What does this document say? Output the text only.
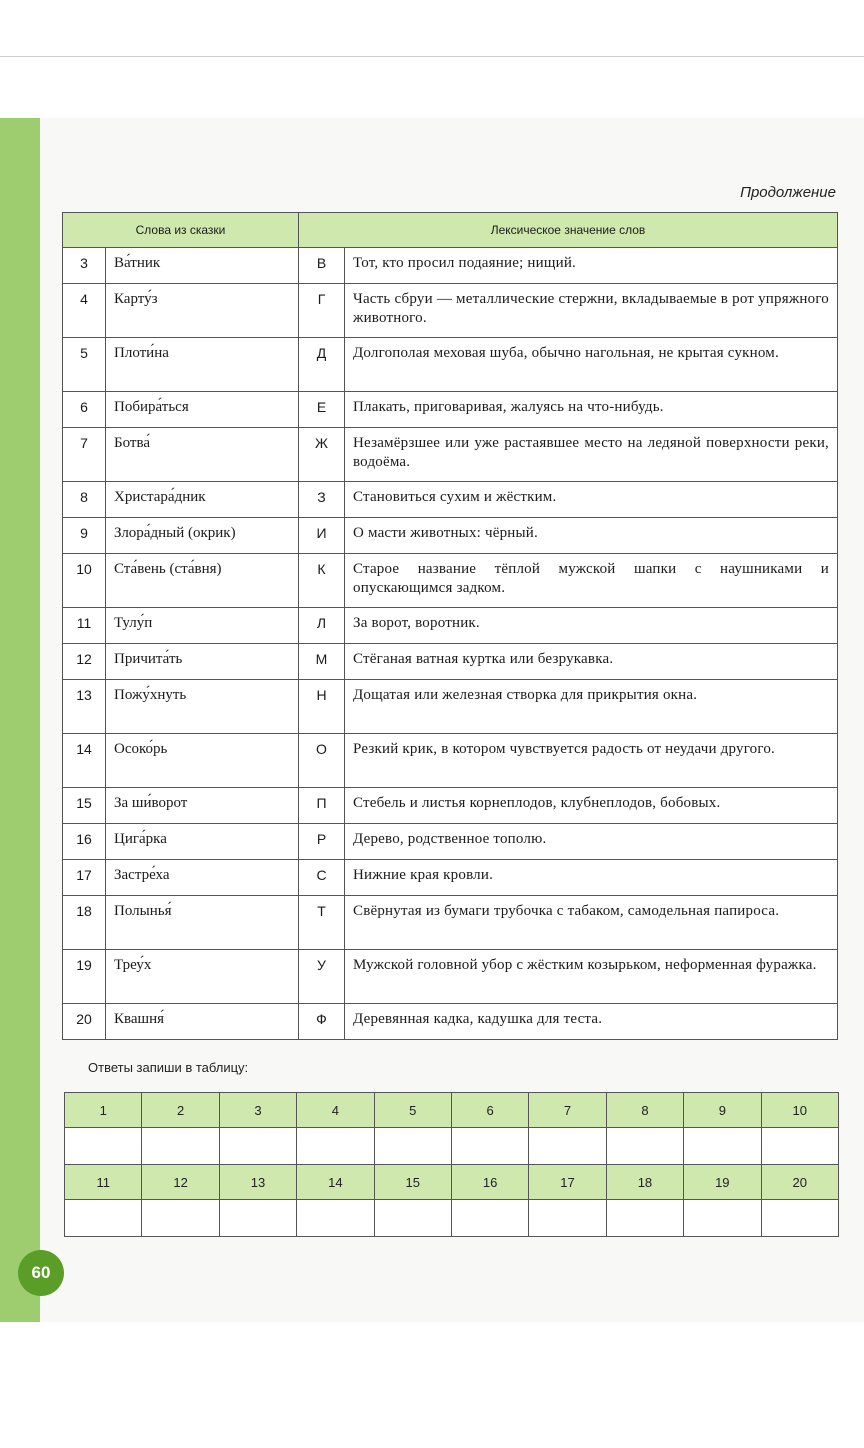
Продолжение
Слова из сказки		Лексическое значение слов	
3	Ва́тник	В	Тот, кто просил подаяние; нищий.
4	Карту́з	Г	Часть сбруи — металлические стержни, вкладываемые в рот упряжного животного.
5	Плоти́на	Д	Долгополая меховая шуба, обычно нагольная, не крытая сукном.
6	Побира́ться	Е	Плакать, приговаривая, жалуясь на что-нибудь.
7	Ботва́	Ж	Незамёрзшее или уже растаявшее место на ледяной поверхности реки, водоёма.
8	Христара́дник	З	Становиться сухим и жёстким.
9	Злора́дный (окрик)	И	О масти животных: чёрный.
10	Ста́вень (ста́вня)	К	Старое название тёплой мужской шапки с наушниками и опускающимся задком.
11	Тулу́п	Л	За ворот, воротник.
12	Причита́ть	М	Стёганая ватная куртка или безрукавка.
13	Пожу́хнуть	Н	Дощатая или железная створка для прикрытия окна.
14	Осоко́рь	О	Резкий крик, в котором чувствуется радость от неудачи другого.
15	За ши́ворот	П	Стебель и листья корнеплодов, клубнеплодов, бобовых.
16	Цига́рка	Р	Дерево, родственное тополю.
17	Застре́ха	С	Нижние края кровли.
18	Полынья́	Т	Свёрнутая из бумаги трубочка с табаком, самодельная папироса.
19	Треу́х	У	Мужской головной убор с жёстким козырьком, неформенная фуражка.
20	Квашня́	Ф	Деревянная кадка, кадушка для теста.
Ответы запиши в таблицу:
1	2	3	4	5	6	7	8	9	10

11	12	13	14	15	16	17	18	19	20

60
